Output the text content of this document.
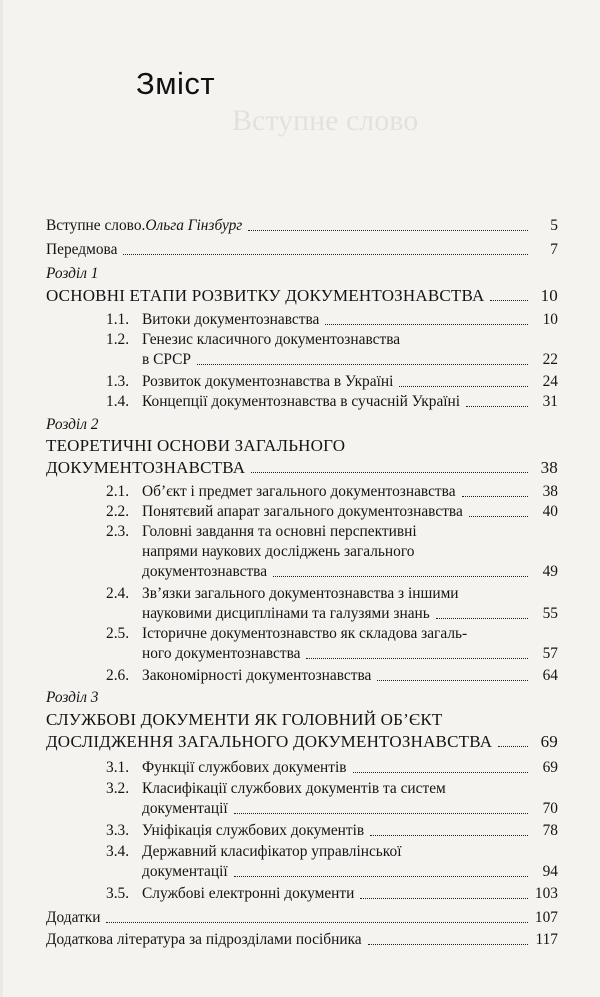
Вступне слово
Зміст
Вступне слово. Ольга Гінзбург	5
Передмова	7
Розділ 1
ОСНОВНІ ЕТАПИ РОЗВИТКУ ДОКУМЕНТОЗНАВСТВА	10
1.1. Витоки документознавства	10
1.2. Генезис класичного документознавства
в СРСР	22
1.3. Розвиток документознавства в Україні	24
1.4. Концепції документознавства в сучасній Україні	31
Розділ 2
ТЕОРЕТИЧНІ ОСНОВИ ЗАГАЛЬНОГО
ДОКУМЕНТОЗНАВСТВА	38
2.1. Об’єкт і предмет загального документознавства	38
2.2. Понятєвий апарат загального документознавства	40
2.3. Головні завдання та основні перспективні
напрями наукових досліджень загального
документознавства	49
2.4. Зв’язки загального документознавства з іншими
науковими дисциплінами та галузями знань	55
2.5. Історичне документознавство як складова загаль-
ного документознавства	57
2.6. Закономірності документознавства	64
Розділ 3
СЛУЖБОВІ ДОКУМЕНТИ ЯК ГОЛОВНИЙ ОБ’ЄКТ
ДОСЛІДЖЕННЯ ЗАГАЛЬНОГО ДОКУМЕНТОЗНАВСТВА	69
3.1. Функції службових документів	69
3.2. Класифікації службових документів та систем
документації	70
3.3. Уніфікація службових документів	78
3.4. Державний класифікатор управлінської
документації	94
3.5. Службові електронні документи	103
Додатки	107
Додаткова література за підрозділами посібника	117
